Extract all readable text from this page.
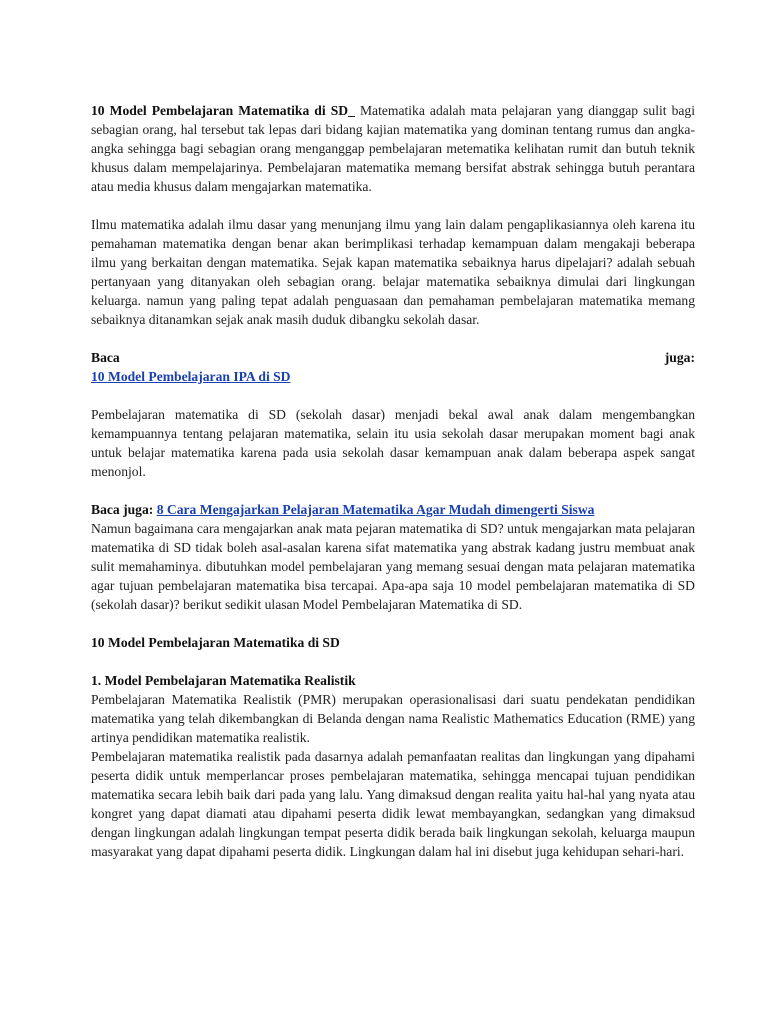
10 Model Pembelajaran Matematika di SD_ Matematika adalah mata pelajaran yang dianggap sulit bagi sebagian orang, hal tersebut tak lepas dari bidang kajian matematika yang dominan tentang rumus dan angka-angka sehingga bagi sebagian orang menganggap pembelajaran metematika kelihatan rumit dan butuh teknik khusus dalam mempelajarinya. Pembelajaran matematika memang bersifat abstrak sehingga butuh perantara atau media khusus dalam mengajarkan matematika.

Ilmu matematika adalah ilmu dasar yang menunjang ilmu yang lain dalam pengaplikasiannya oleh karena itu pemahaman matematika dengan benar akan berimplikasi terhadap kemampuan dalam mengakaji beberapa ilmu yang berkaitan dengan matematika. Sejak kapan matematika sebaiknya harus dipelajari? adalah sebuah pertanyaan yang ditanyakan oleh sebagian orang. belajar matematika sebaiknya dimulai dari lingkungan keluarga. namun yang paling tepat adalah penguasaan dan pemahaman pembelajaran matematika memang sebaiknya ditanamkan sejak anak masih duduk dibangku sekolah dasar.

Baca	juga:

10 Model Pembelajaran IPA di SD

Pembelajaran matematika di SD (sekolah dasar) menjadi bekal awal anak dalam mengembangkan kemampuannya tentang pelajaran matematika, selain itu usia sekolah dasar merupakan moment bagi anak untuk belajar matematika karena pada usia sekolah dasar kemampuan anak dalam beberapa aspek sangat menonjol.

Baca juga: 8 Cara Mengajarkan Pelajaran Matematika Agar Mudah dimengerti Siswa

Namun bagaimana cara mengajarkan anak mata pejaran matematika di SD? untuk mengajarkan mata pelajaran matematika di SD tidak boleh asal-asalan karena sifat matematika yang abstrak kadang justru membuat anak sulit memahaminya. dibutuhkan model pembelajaran yang memang sesuai dengan mata pelajaran matematika agar tujuan pembelajaran matematika bisa tercapai. Apa-apa saja 10 model pembelajaran matematika di SD (sekolah dasar)? berikut sedikit ulasan Model Pembelajaran Matematika di SD.

10 Model Pembelajaran Matematika di SD

1. Model Pembelajaran Matematika Realistik

Pembelajaran Matematika Realistik (PMR) merupakan operasionalisasi dari suatu pendekatan pendidikan matematika yang telah dikembangkan di Belanda dengan nama Realistic Mathematics Education (RME) yang artinya pendidikan matematika realistik.

Pembelajaran matematika realistik pada dasarnya adalah pemanfaatan realitas dan lingkungan yang dipahami peserta didik untuk memperlancar proses pembelajaran matematika, sehingga mencapai tujuan pendidikan matematika secara lebih baik dari pada yang lalu. Yang dimaksud dengan realita yaitu hal-hal yang nyata atau kongret yang dapat diamati atau dipahami peserta didik lewat membayangkan, sedangkan yang dimaksud dengan lingkungan adalah lingkungan tempat peserta didik berada baik lingkungan sekolah, keluarga maupun masyarakat yang dapat dipahami peserta didik. Lingkungan dalam hal ini disebut juga kehidupan sehari-hari.
